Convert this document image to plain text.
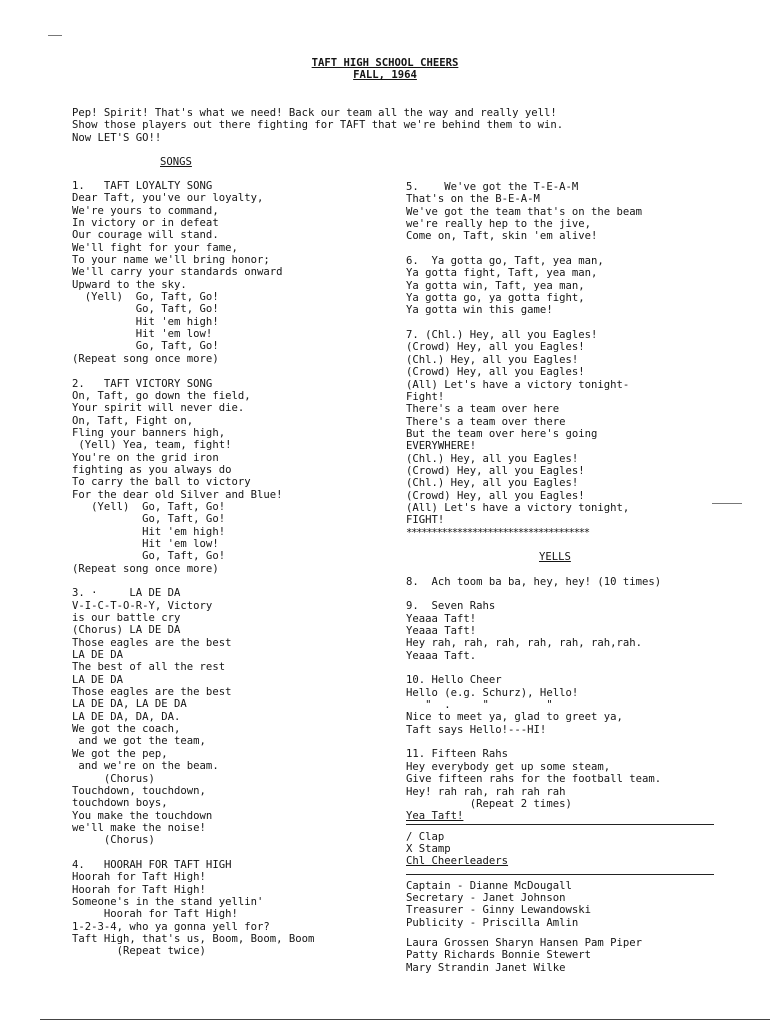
TAFT HIGH SCHOOL CHEERS

FALL, 1964

Pep! Spirit! That's what we need! Back our team all the way and really yell!

Show those players out there fighting for TAFT that we're behind them to win.

Now LET'S GO!!

SONGS

1.   TAFT LOYALTY SONG

Dear Taft, you've our loyalty,

We're yours to command,

In victory or in defeat

Our courage will stand.

We'll fight for your fame,

To your name we'll bring honor;

We'll carry your standards onward

Upward to the sky.

(Yell)  Go, Taft, Go!

Go, Taft, Go!

Hit 'em high!

Hit 'em low!

Go, Taft, Go!

(Repeat song once more)

2.   TAFT VICTORY SONG

On, Taft, go down the field,

Your spirit will never die.

On, Taft, Fight on,

Fling your banners high,

(Yell) Yea, team, fight!

You're on the grid iron

fighting as you always do

To carry the ball to victory

For the dear old Silver and Blue!

(Yell)  Go, Taft, Go!

Go, Taft, Go!

Hit 'em high!

Hit 'em low!

Go, Taft, Go!

(Repeat song once more)

3. ·     LA DE DA

V-I-C-T-O-R-Y, Victory

is our battle cry

(Chorus) LA DE DA

Those eagles are the best

LA DE DA

The best of all the rest

LA DE DA

Those eagles are the best

LA DE DA, LA DE DA

LA DE DA, DA, DA.

We got the coach,

and we got the team,

We got the pep,

and we're on the beam.

(Chorus)

Touchdown, touchdown,

touchdown boys,

You make the touchdown

we'll make the noise!

(Chorus)

4.   HOORAH FOR TAFT HIGH

Hoorah for Taft High!

Hoorah for Taft High!

Someone's in the stand yellin'

Hoorah for Taft High!

1-2-3-4, who ya gonna yell for?

Taft High, that's us, Boom, Boom, Boom

(Repeat twice)

5.    We've got the T-E-A-M

That's on the B-E-A-M

We've got the team that's on the beam

we're really hep to the jive,

Come on, Taft, skin 'em alive!

6.  Ya gotta go, Taft, yea man,

Ya gotta fight, Taft, yea man,

Ya gotta win, Taft, yea man,

Ya gotta go, ya gotta fight,

Ya gotta win this game!

7. (Chl.) Hey, all you Eagles!

(Crowd) Hey, all you Eagles!

(Chl.) Hey, all you Eagles!

(Crowd) Hey, all you Eagles!

(All) Let's have a victory tonight-

Fight!

There's a team over here

There's a team over there

But the team over here's going

EVERYWHERE!

(Chl.) Hey, all you Eagles!

(Crowd) Hey, all you Eagles!

(Chl.) Hey, all you Eagles!

(Crowd) Hey, all you Eagles!

(All) Let's have a victory tonight,

FIGHT!

************************************

YELLS

8.  Ach toom ba ba, hey, hey! (10 times)

9.  Seven Rahs

Yeaaa Taft!

Yeaaa Taft!

Hey rah, rah, rah, rah, rah, rah,rah.

Yeaaa Taft.

10. Hello Cheer

Hello (e.g. Schurz), Hello!

"  .     "         "

Nice to meet ya, glad to greet ya,

Taft says Hello!---HI!

11. Fifteen Rahs

Hey everybody get up some steam,

Give fifteen rahs for the football team.

Hey! rah rah, rah rah rah

(Repeat 2 times)

Yea Taft!

/ Clap

X Stamp

Chl Cheerleaders

Captain - Dianne McDougall

Secretary - Janet Johnson

Treasurer - Ginny Lewandowski

Publicity - Priscilla Amlin

Laura Grossen Sharyn Hansen Pam Piper

Patty Richards Bonnie Stewert

Mary Strandin Janet Wilke
